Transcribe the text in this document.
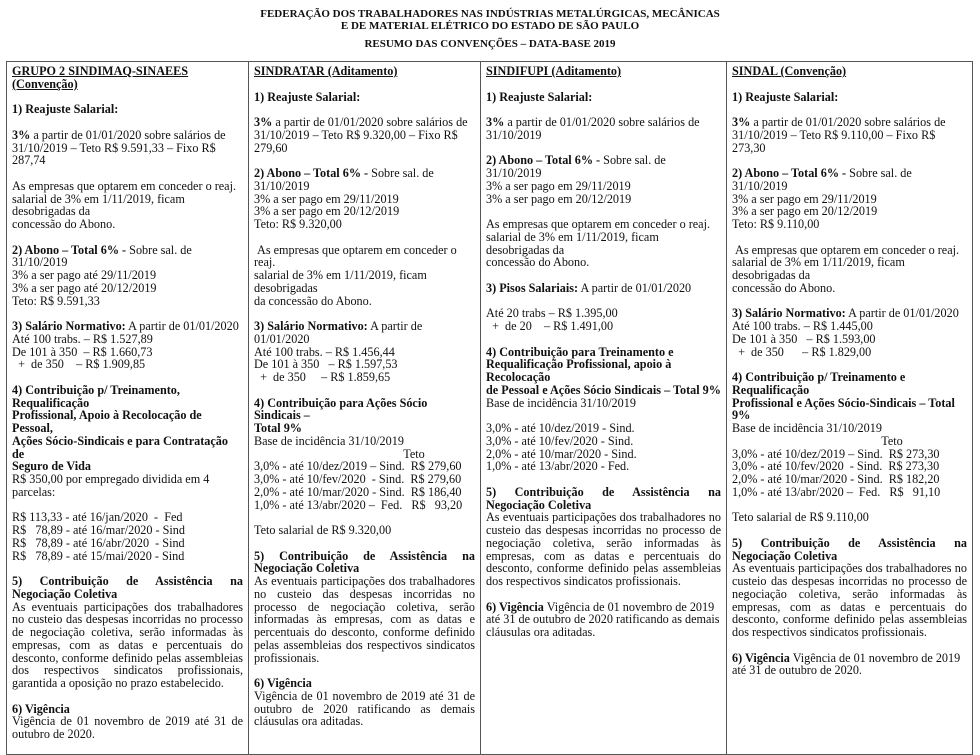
FEDERAÇÃO DOS TRABALHADORES NAS INDÚSTRIAS METALÚRGICAS, MECÂNICAS
E DE MATERIAL ELÉTRICO DO ESTADO DE SÃO PAULO
RESUMO DAS CONVENÇÕES – DATA-BASE 2019
GRUPO 2 SINDIMAQ-SINAEES (Convenção)
1) Reajuste Salarial:
3% a partir de 01/01/2020 sobre salários de
31/10/2019 – Teto R$ 9.591,33 – Fixo R$ 287,74
As empresas que optarem em conceder o reaj.
salarial de 3% em 1/11/2019, ficam desobrigadas da
concessão do Abono.
2) Abono – Total 6% - Sobre sal. de 31/10/2019
3% a ser pago até 29/11/2019
3% a ser pago até 20/12/2019
Teto: R$ 9.591,33
3) Salário Normativo: A partir de 01/01/2020
Até 100 trabs. – R$ 1.527,89
De 101 à 350  – R$ 1.660,73
+  de 350    – R$ 1.909,85
4) Contribuição p/ Treinamento, Requalificação
Profissional, Apoio à Recolocação de Pessoal,
Ações Sócio-Sindicais e para Contratação de
Seguro de Vida
R$ 350,00 por empregado dividida em 4 parcelas:

R$ 113,33 - até 16/jan/2020  -  Fed
R$   78,89 - até 16/mar/2020 - Sind
R$   78,89 - até 16/abr/2020  - Sind
R$   78,89 - até 15/mai/2020 - Sind
5) Contribuição de Assistência na Negociação Coletiva
As eventuais participações dos trabalhadores no custeio das despesas incorridas no processo de negociação coletiva, serão informadas às empresas, com as datas e percentuais do desconto, conforme definido pelas assembleias dos respectivos sindicatos profissionais, garantida a oposição no prazo estabelecido.
6) Vigência
Vigência de 01 novembro de 2019 até 31 de outubro de 2020.

SINDRATAR (Aditamento)
1) Reajuste Salarial:
3% a partir de 01/01/2020 sobre salários de
31/10/2019 – Teto R$ 9.320,00 – Fixo R$ 279,60
2) Abono – Total 6% - Sobre sal. de 31/10/2019
3% a ser pago em 29/11/2019
3% a ser pago em 20/12/2019
Teto: R$ 9.320,00
As empresas que optarem em conceder o reaj.
salarial de 3% em 1/11/2019, ficam desobrigadas
da concessão do Abono.
3) Salário Normativo: A partir de 01/01/2020
Até 100 trabs. – R$ 1.456,44
De 101 à 350   – R$ 1.597,53
+  de 350     – R$ 1.859,65
4) Contribuição para Ações Sócio Sindicais –
Total 9%
Base de incidência 31/10/2019
Teto
3,0% - até 10/dez/2019 – Sind.  R$ 279,60
3,0% - até 10/fev/2020  - Sind.  R$ 279,60
2,0% - até 10/mar/2020 - Sind.  R$ 186,40
1,0% - até 13/abr/2020 –  Fed.   R$   93,20

Teto salarial de R$ 9.320,00
5) Contribuição de Assistência na Negociação Coletiva
As eventuais participações dos trabalhadores no custeio das despesas incorridas no processo de negociação coletiva, serão informadas às empresas, com as datas e percentuais do desconto, conforme definido pelas assembleias dos respectivos sindicatos profissionais.
6) Vigência
Vigência de 01 novembro de 2019 até 31 de outubro de 2020 ratificando as demais cláusulas ora aditadas.

SINDIFUPI (Aditamento)
1) Reajuste Salarial:
3% a partir de 01/01/2020 sobre salários de
31/10/2019
2) Abono – Total 6% - Sobre sal. de 31/10/2019
3% a ser pago em 29/11/2019
3% a ser pago em 20/12/2019
As empresas que optarem em conceder o reaj.
salarial de 3% em 1/11/2019, ficam desobrigadas da
concessão do Abono.
3) Pisos Salariais: A partir de 01/01/2020

Até 20 trabs – R$ 1.395,00
+  de 20    – R$ 1.491,00
4) Contribuição para Treinamento e
Requalificação Profissional, apoio à  Recolocação
de Pessoal e Ações Sócio Sindicais – Total 9%
Base de incidência 31/10/2019

3,0% - até 10/dez/2019 - Sind.
3,0% - até 10/fev/2020 - Sind.
2,0% - até 10/mar/2020 - Sind.
1,0% - até 13/abr/2020 - Fed.
5) Contribuição de Assistência na Negociação Coletiva
As eventuais participações dos trabalhadores no custeio das despesas incorridas no processo de negociação coletiva, serão informadas às empresas, com as datas e percentuais do desconto, conforme definido pelas assembleias dos respectivos sindicatos profissionais.
6) Vigência Vigência de 01 novembro de 2019 até 31 de outubro de 2020 ratificando as demais cláusulas ora aditadas.

SINDAL (Convenção)
1) Reajuste Salarial:
3% a partir de 01/01/2020 sobre salários de
31/10/2019 – Teto R$ 9.110,00 – Fixo R$ 273,30
2) Abono – Total 6% - Sobre sal. de 31/10/2019
3% a ser pago em 29/11/2019
3% a ser pago em 20/12/2019
Teto: R$ 9.110,00
As empresas que optarem em conceder o reaj.
salarial de 3% em 1/11/2019, ficam desobrigadas da
concessão do Abono.
3) Salário Normativo: A partir de 01/01/2020
Até 100 trabs. – R$ 1.445,00
De 101 à 350   – R$ 1.593,00
+  de 350      – R$ 1.829,00
4) Contribuição p/ Treinamento e Requalificação
Profissional e Ações Sócio-Sindicais – Total 9%
Base de incidência 31/10/2019
Teto
3,0% - até 10/dez/2019 – Sind.  R$ 273,30
3,0% - até 10/fev/2020  - Sind.  R$ 273,30
2,0% - até 10/mar/2020 - Sind.  R$ 182,20
1,0% - até 13/abr/2020 –  Fed.   R$   91,10

Teto salarial de R$ 9.110,00
5) Contribuição de Assistência na Negociação Coletiva
As eventuais participações dos trabalhadores no custeio das despesas incorridas no processo de negociação coletiva, serão informadas às empresas, com as datas e percentuais do desconto, conforme definido pelas assembleias dos respectivos sindicatos profissionais.
6) Vigência Vigência de 01 novembro de 2019 até 31 de outubro de 2020.
